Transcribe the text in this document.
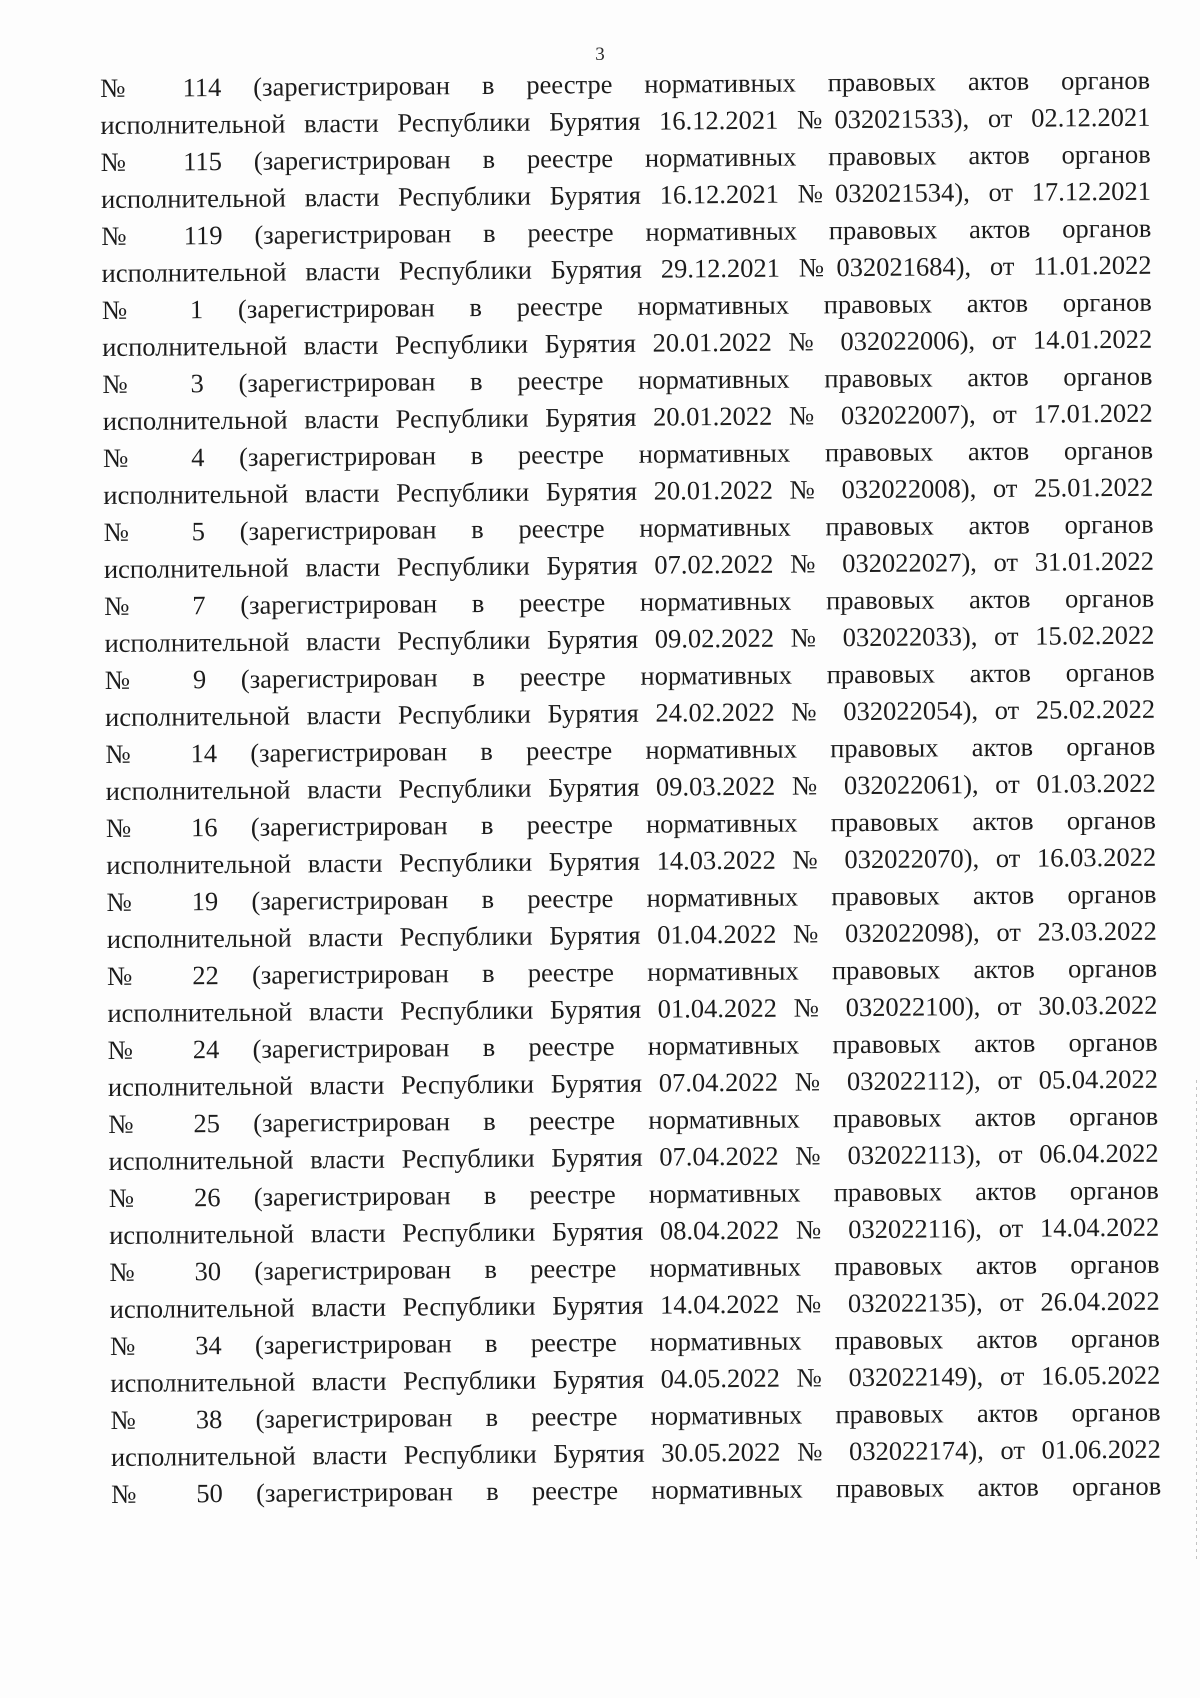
3
№ 114 (зарегистрирован в реестре нормативных правовых актов органов
исполнительной власти Республики Бурятия 16.12.2021 №032021533), от 02.12.2021
№ 115 (зарегистрирован в реестре нормативных правовых актов органов
исполнительной власти Республики Бурятия 16.12.2021 №032021534), от 17.12.2021
№ 119 (зарегистрирован в реестре нормативных правовых актов органов
исполнительной власти Республики Бурятия 29.12.2021 №032021684), от 11.01.2022
№ 1 (зарегистрирован в реестре нормативных правовых актов органов
исполнительной власти Республики Бурятия 20.01.2022 № 032022006), от 14.01.2022
№ 3 (зарегистрирован в реестре нормативных правовых актов органов
исполнительной власти Республики Бурятия 20.01.2022 № 032022007), от 17.01.2022
№ 4 (зарегистрирован в реестре нормативных правовых актов органов
исполнительной власти Республики Бурятия 20.01.2022 № 032022008), от 25.01.2022
№ 5 (зарегистрирован в реестре нормативных правовых актов органов
исполнительной власти Республики Бурятия 07.02.2022 № 032022027), от 31.01.2022
№ 7 (зарегистрирован в реестре нормативных правовых актов органов
исполнительной власти Республики Бурятия 09.02.2022 № 032022033), от 15.02.2022
№ 9 (зарегистрирован в реестре нормативных правовых актов органов
исполнительной власти Республики Бурятия 24.02.2022 № 032022054), от 25.02.2022
№ 14 (зарегистрирован в реестре нормативных правовых актов органов
исполнительной власти Республики Бурятия 09.03.2022 № 032022061), от 01.03.2022
№ 16 (зарегистрирован в реестре нормативных правовых актов органов
исполнительной власти Республики Бурятия 14.03.2022 № 032022070), от 16.03.2022
№ 19 (зарегистрирован в реестре нормативных правовых актов органов
исполнительной власти Республики Бурятия 01.04.2022 № 032022098), от 23.03.2022
№ 22 (зарегистрирован в реестре нормативных правовых актов органов
исполнительной власти Республики Бурятия 01.04.2022 № 032022100), от 30.03.2022
№ 24 (зарегистрирован в реестре нормативных правовых актов органов
исполнительной власти Республики Бурятия 07.04.2022 № 032022112), от 05.04.2022
№ 25 (зарегистрирован в реестре нормативных правовых актов органов
исполнительной власти Республики Бурятия 07.04.2022 № 032022113), от 06.04.2022
№ 26 (зарегистрирован в реестре нормативных правовых актов органов
исполнительной власти Республики Бурятия 08.04.2022 № 032022116), от 14.04.2022
№ 30 (зарегистрирован в реестре нормативных правовых актов органов
исполнительной власти Республики Бурятия 14.04.2022 № 032022135), от 26.04.2022
№ 34 (зарегистрирован в реестре нормативных правовых актов органов
исполнительной власти Республики Бурятия 04.05.2022 № 032022149), от 16.05.2022
№ 38 (зарегистрирован в реестре нормативных правовых актов органов
исполнительной власти Республики Бурятия 30.05.2022 № 032022174), от 01.06.2022
№ 50 (зарегистрирован в реестре нормативных правовых актов органов
